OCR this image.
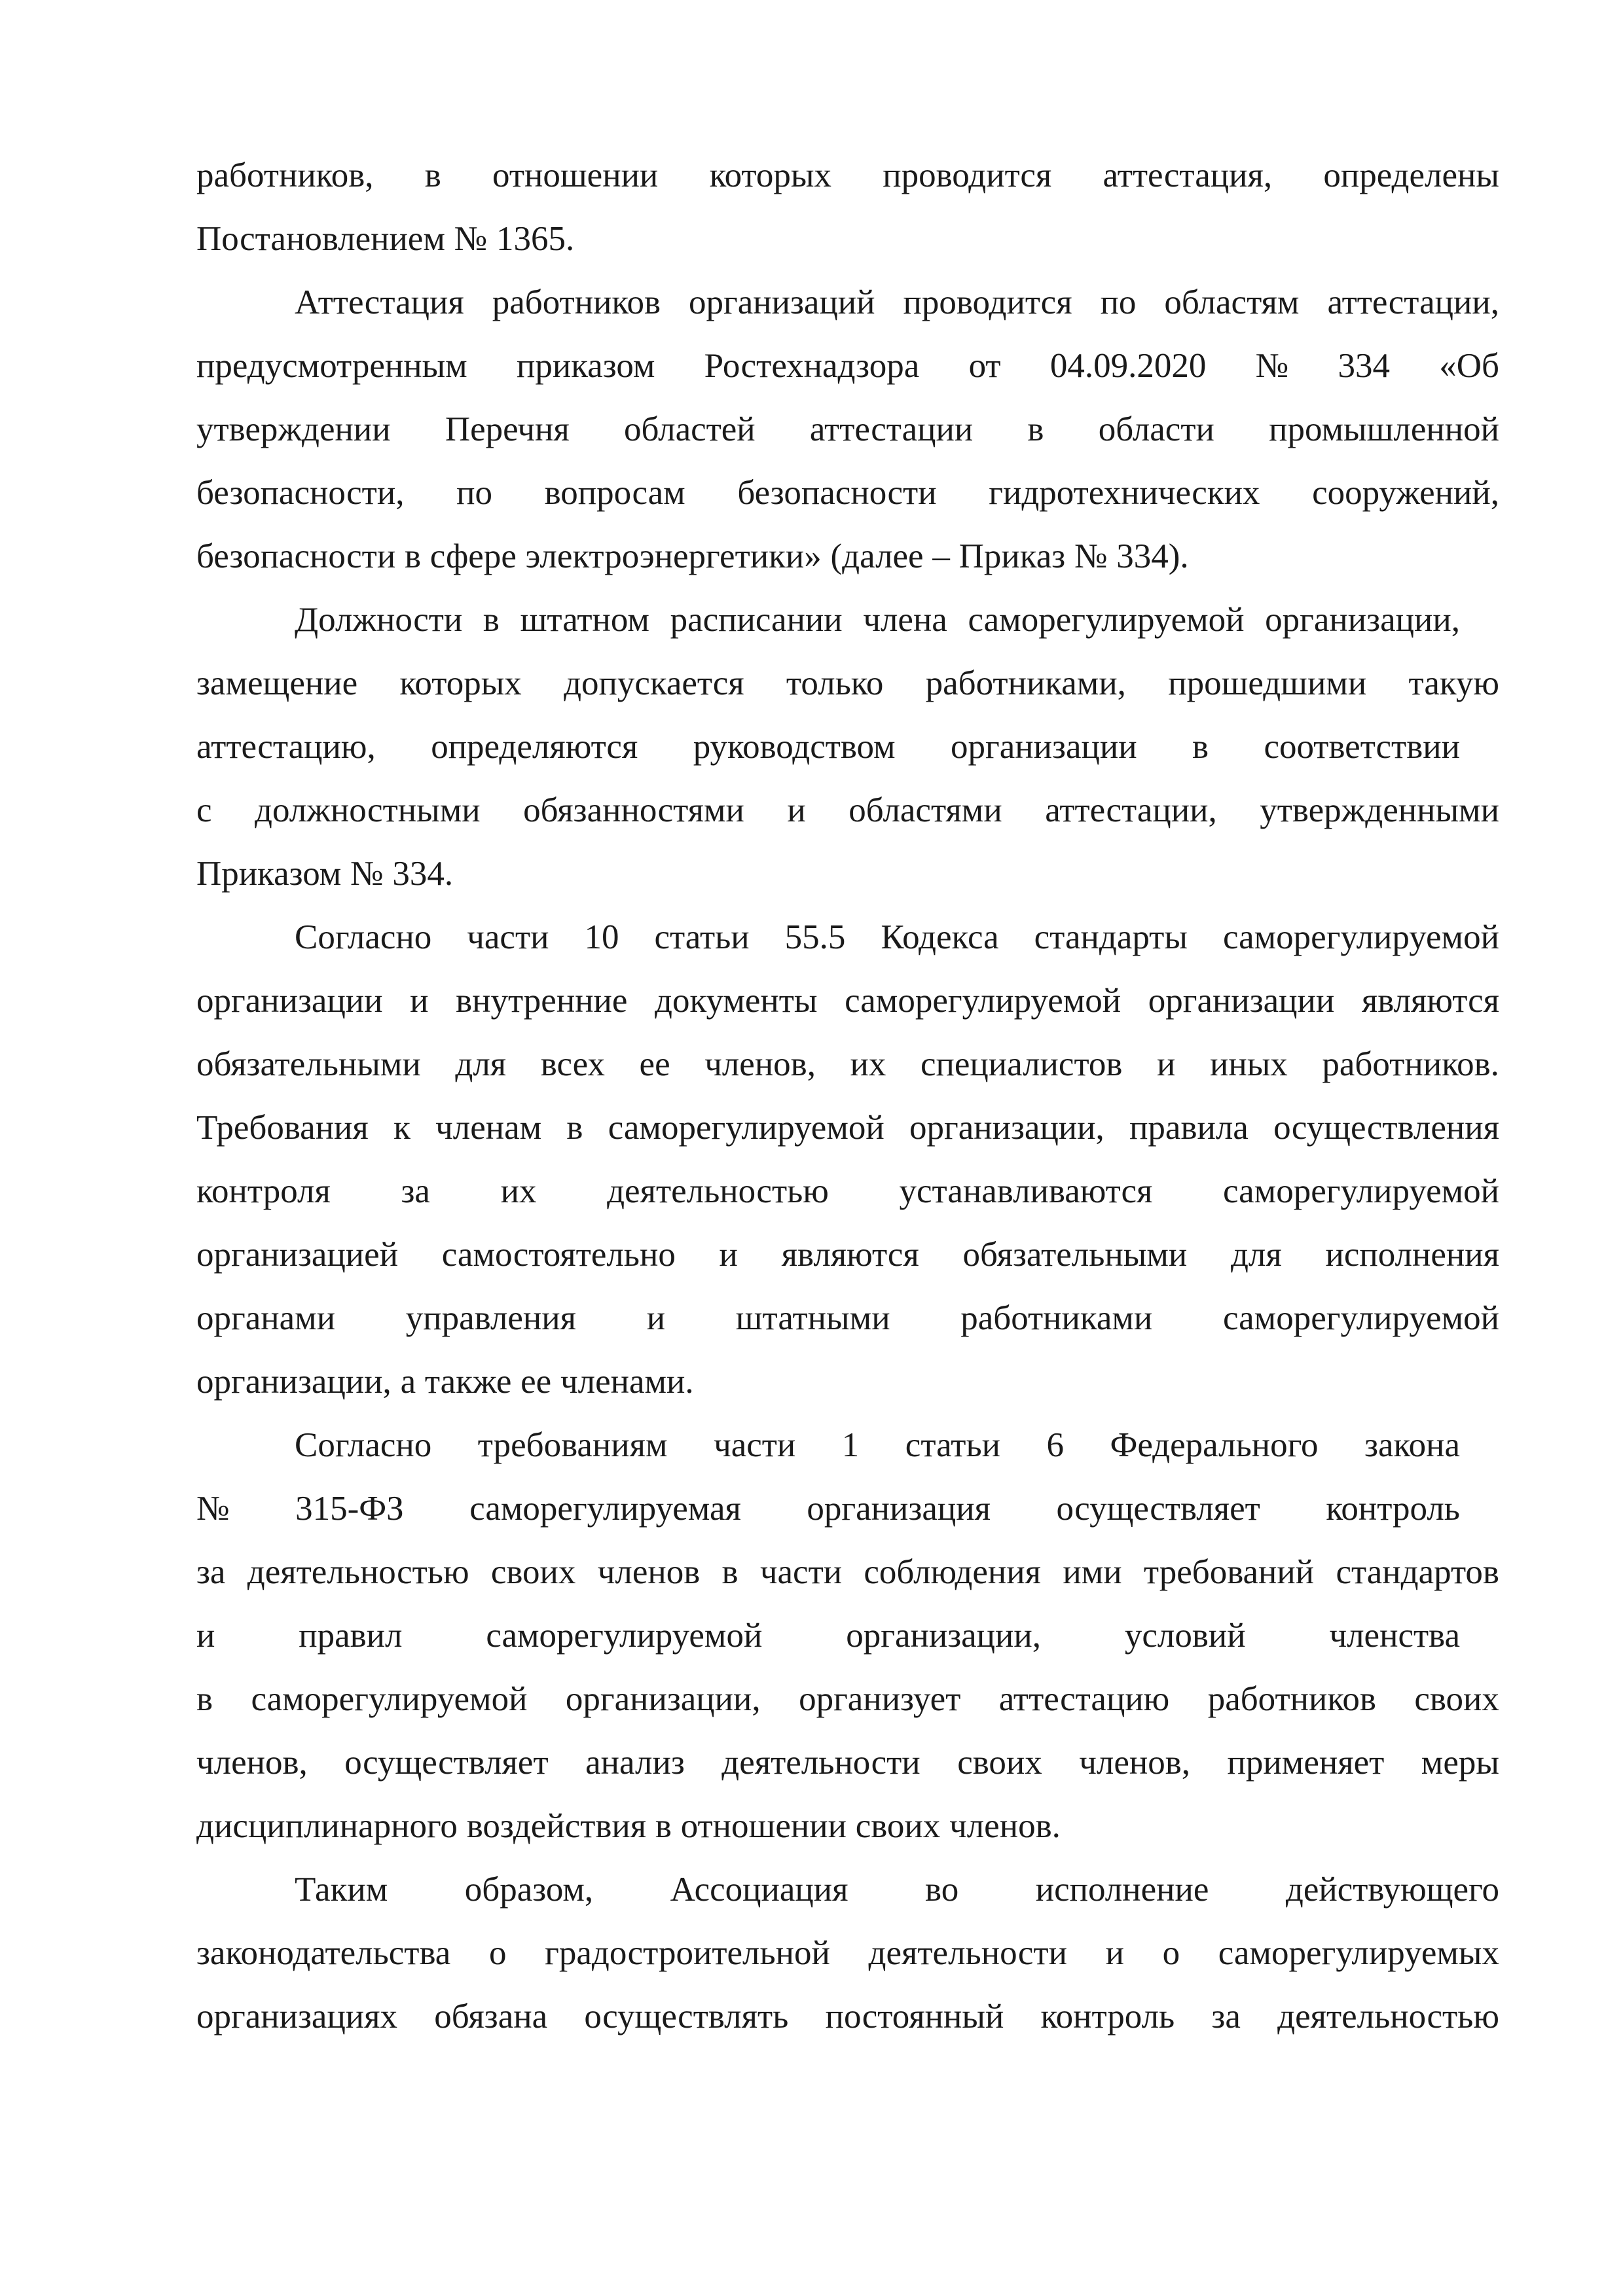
работников, в отношении которых проводится аттестация, определены
Постановлением № 1365.
Аттестация работников организаций проводится по областям аттестации,
предусмотренным приказом Ростехнадзора от 04.09.2020 № 334 «Об
утверждении Перечня областей аттестации в области промышленной
безопасности, по вопросам безопасности гидротехнических сооружений,
безопасности в сфере электроэнергетики» (далее – Приказ № 334).
Должности в штатном расписании члена саморегулируемой организации,
замещение которых допускается только работниками, прошедшими такую
аттестацию, определяются руководством организации в соответствии
с должностными обязанностями и областями аттестации, утвержденными
Приказом № 334.
Согласно части 10 статьи 55.5 Кодекса стандарты саморегулируемой
организации и внутренние документы саморегулируемой организации являются
обязательными для всех ее членов, их специалистов и иных работников.
Требования к членам в саморегулируемой организации, правила осуществления
контроля за их деятельностью устанавливаются саморегулируемой
организацией самостоятельно и являются обязательными для исполнения
органами управления и штатными работниками саморегулируемой
организации, а также ее членами.
Согласно требованиям части 1 статьи 6 Федерального закона
№ 315-ФЗ саморегулируемая организация осуществляет контроль
за деятельностью своих членов в части соблюдения ими требований стандартов
и правил саморегулируемой организации, условий членства
в саморегулируемой организации, организует аттестацию работников своих
членов, осуществляет анализ деятельности своих членов, применяет меры
дисциплинарного воздействия в отношении своих членов.
Таким образом, Ассоциация во исполнение действующего
законодательства о градостроительной деятельности и о саморегулируемых
организациях обязана осуществлять постоянный контроль за деятельностью
